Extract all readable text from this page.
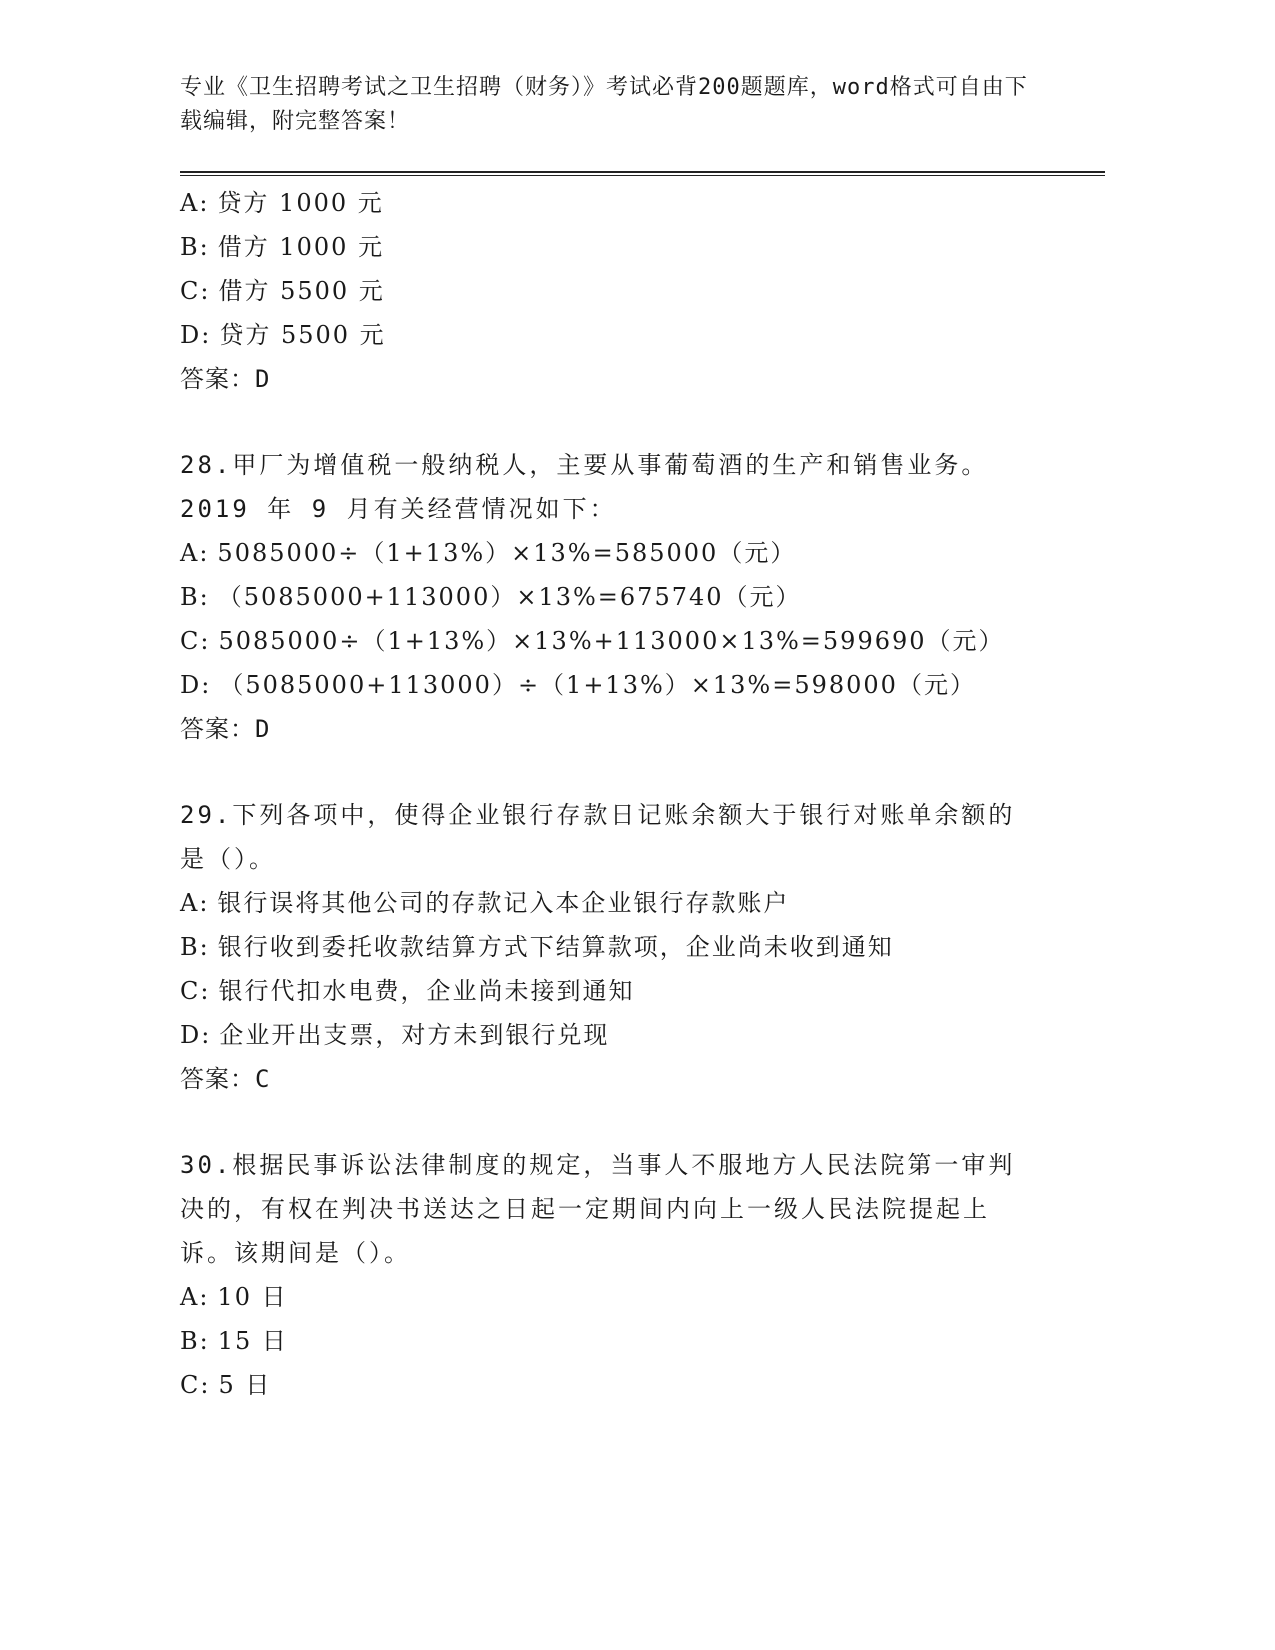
专业《卫生招聘考试之卫生招聘（财务）》考试必背200题题库，word格式可自由下载编辑，附完整答案！
A: 贷方 1000 元
B: 借方 1000 元
C: 借方 5500 元
D: 贷方 5500 元
答案：D
28.甲厂为增值税一般纳税人，主要从事葡萄酒的生产和销售业务。2019 年 9 月有关经营情况如下：
A: 5085000÷（1+13%）×13%=585000（元）
B: （5085000+113000）×13%=675740（元）
C: 5085000÷（1+13%）×13%+113000×13%=599690（元）
D: （5085000+113000）÷（1+13%）×13%=598000（元）
答案：D
29.下列各项中，使得企业银行存款日记账余额大于银行对账单余额的是（）。
A: 银行误将其他公司的存款记入本企业银行存款账户
B: 银行收到委托收款结算方式下结算款项，企业尚未收到通知
C: 银行代扣水电费，企业尚未接到通知
D: 企业开出支票，对方未到银行兑现
答案：C
30.根据民事诉讼法律制度的规定，当事人不服地方人民法院第一审判决的，有权在判决书送达之日起一定期间内向上一级人民法院提起上诉。该期间是（）。
A: 10 日
B: 15 日
C: 5 日
